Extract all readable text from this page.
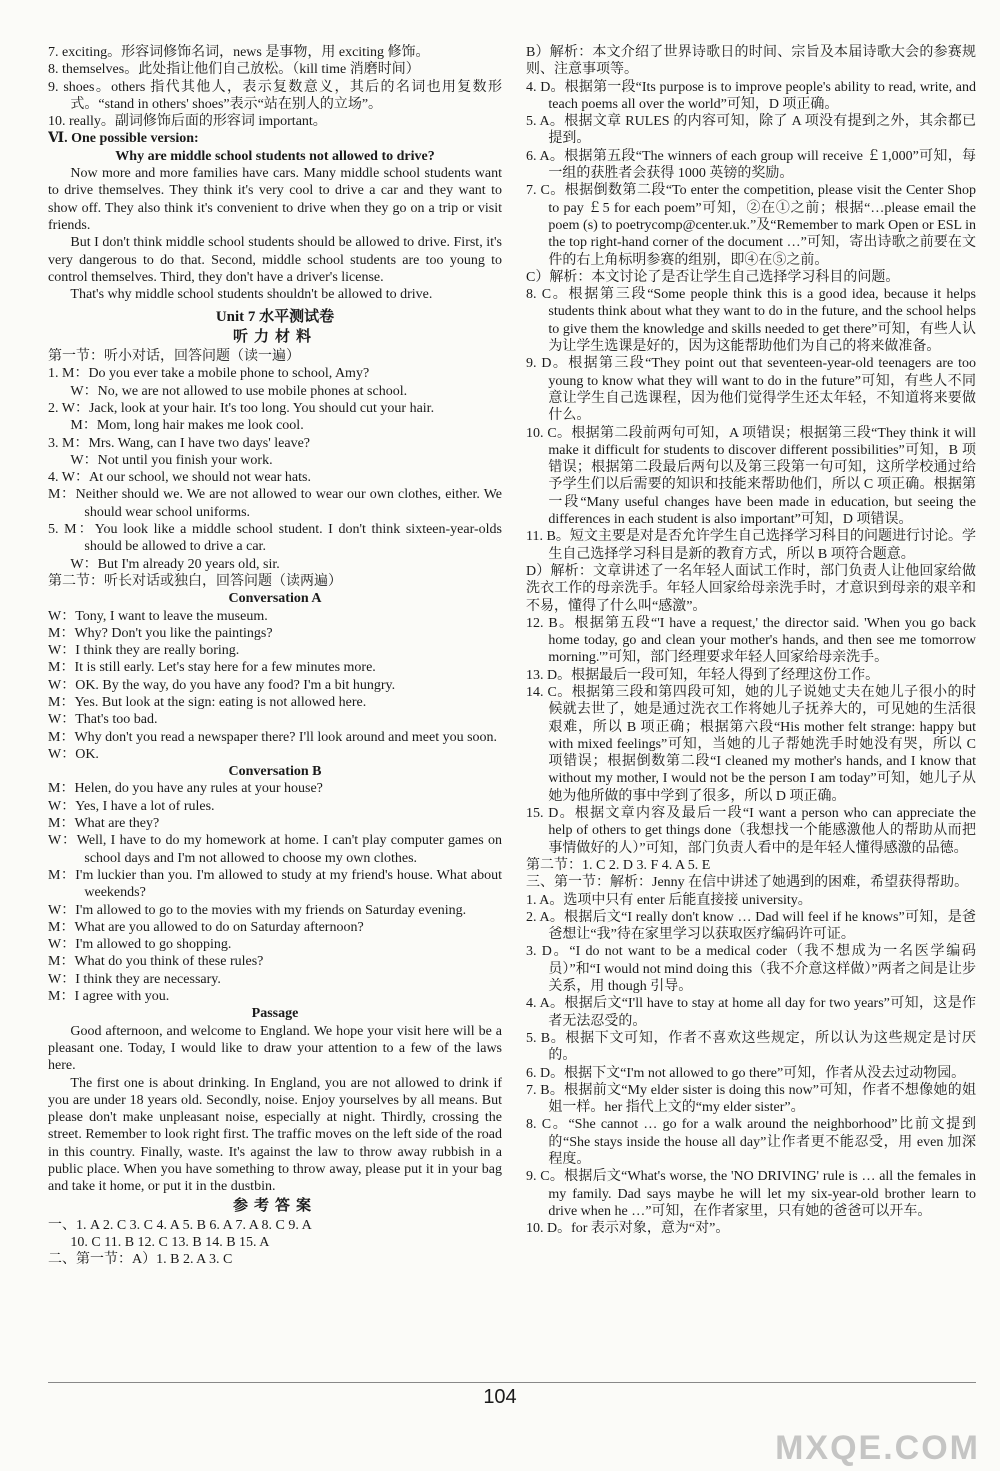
7. exciting。形容词修饰名词，news 是事物，用 exciting 修饰。

8. themselves。此处指让他们自己放松。（kill time 消磨时间）

9. shoes。others 指代其他人，表示复数意义，其后的名词也用复数形式。“stand in others' shoes”表示“站在别人的立场”。

10. really。副词修饰后面的形容词 important。

Ⅵ. One possible version:

Why are middle school students not allowed to drive?

Now more and more families have cars. Many middle school students want to drive themselves. They think it's very cool to drive a car and they want to show off. They also think it's convenient to drive when they go on a trip or visit friends.

But I don't think middle school students should be allowed to drive. First, it's very dangerous to do that. Second, middle school students are too young to control themselves. Third, they don't have a driver's license.

That's why middle school students shouldn't be allowed to drive.

Unit 7 水平测试卷

听力材料

第一节：听小对话，回答问题（读一遍）

1. M：Do you ever take a mobile phone to school, Amy?

W：No, we are not allowed to use mobile phones at school.

2. W：Jack, look at your hair. It's too long. You should cut your hair.

M：Mom, long hair makes me look cool.

3. M：Mrs. Wang, can I have two days' leave?

W：Not until you finish your work.

4. W：At our school, we should not wear hats.

M：Neither should we. We are not allowed to wear our own clothes, either. We should wear school uniforms.

5. M：You look like a middle school student. I don't think sixteen-year-olds should be allowed to drive a car.

W：But I'm already 20 years old, sir.

第二节：听长对话或独白，回答问题（读两遍）

Conversation A

W：Tony, I want to leave the museum.

M：Why? Don't you like the paintings?

W：I think they are really boring.

M：It is still early. Let's stay here for a few minutes more.

W：OK. By the way, do you have any food? I'm a bit hungry.

M：Yes. But look at the sign: eating is not allowed here.

W：That's too bad.

M：Why don't you read a newspaper there? I'll look around and meet you soon.

W：OK.

Conversation B

M：Helen, do you have any rules at your house?

W：Yes, I have a lot of rules.

M：What are they?

W：Well, I have to do my homework at home. I can't play computer games on school days and I'm not allowed to choose my own clothes.

M：I'm luckier than you. I'm allowed to study at my friend's house. What about weekends?

W：I'm allowed to go to the movies with my friends on Saturday evening.

M：What are you allowed to do on Saturday afternoon?

W：I'm allowed to go shopping.

M：What do you think of these rules?

W：I think they are necessary.

M：I agree with you.

Passage

Good afternoon, and welcome to England. We hope your visit here will be a pleasant one. Today, I would like to draw your attention to a few of the laws here.

The first one is about drinking. In England, you are not allowed to drink if you are under 18 years old. Secondly, noise. Enjoy yourselves by all means. But please don't make unpleasant noise, especially at night. Thirdly, crossing the street. Remember to look right first. The traffic moves on the left side of the road in this country. Finally, waste. It's against the law to throw away rubbish in a public place. When you have something to throw away, please put it in your bag and take it home, or put it in the dustbin.

参考答案

一、1. A 2. C 3. C 4. A 5. B 6. A 7. A 8. C 9. A

10. C 11. B 12. C 13. B 14. B 15. A

二、第一节：A）1. B 2. A 3. C

B）解析：本文介绍了世界诗歌日的时间、宗旨及本届诗歌大会的参赛规则、注意事项等。

4. D。根据第一段“Its purpose is to improve people's ability to read, write, and teach poems all over the world”可知，D 项正确。

5. A。根据文章 RULES 的内容可知，除了 A 项没有提到之外，其余都已提到。

6. A。根据第五段“The winners of each group will receive ￡1,000”可知，每一组的获胜者会获得 1000 英镑的奖励。

7. C。根据倒数第二段“To enter the competition, please visit the Center Shop to pay ￡5 for each poem”可知，②在①之前；根据“…please email the poem (s) to poetrycomp@center.uk.”及“Remember to mark Open or ESL in the top right-hand corner of the document …”可知，寄出诗歌之前要在文件的右上角标明参赛的组别，即④在⑤之前。

C）解析：本文讨论了是否让学生自己选择学习科目的问题。

8. C。根据第三段“Some people think this is a good idea, because it helps students think about what they want to do in the future, and the school helps to give them the knowledge and skills needed to get there”可知，有些人认为让学生选课是好的，因为这能帮助他们为自己的将来做准备。

9. D。根据第三段“They point out that seventeen-year-old teenagers are too young to know what they will want to do in the future”可知，有些人不同意让学生自己选课程，因为他们觉得学生还太年轻，不知道将来要做什么。

10. C。根据第二段前两句可知，A 项错误；根据第三段“They think it will make it difficult for students to discover different possibilities”可知，B 项错误；根据第二段最后两句以及第三段第一句可知，这所学校通过给予学生们以后需要的知识和技能来帮助他们，所以 C 项正确。根据第一段“Many useful changes have been made in education, but seeing the differences in each student is also important”可知，D 项错误。

11. B。短文主要是对是否允许学生自己选择学习科目的问题进行讨论。学生自己选择学习科目是新的教育方式，所以 B 项符合题意。

D）解析：文章讲述了一名年轻人面试工作时，部门负责人让他回家给做洗衣工作的母亲洗手。年轻人回家给母亲洗手时，才意识到母亲的艰辛和不易，懂得了什么叫“感激”。

12. B。根据第五段“'I have a request,' the director said. 'When you go back home today, go and clean your mother's hands, and then see me tomorrow morning.'”可知，部门经理要求年轻人回家给母亲洗手。

13. D。根据最后一段可知，年轻人得到了经理这份工作。

14. C。根据第三段和第四段可知，她的儿子说她丈夫在她儿子很小的时候就去世了，她是通过洗衣工作将她儿子抚养大的，可见她的生活很艰难，所以 B 项正确；根据第六段“His mother felt strange: happy but with mixed feelings”可知，当她的儿子帮她洗手时她没有哭，所以 C 项错误；根据倒数第二段“I cleaned my mother's hands, and I know that without my mother, I would not be the person I am today”可知，她儿子从她为他所做的事中学到了很多，所以 D 项正确。

15. D。根据文章内容及最后一段“I want a person who can appreciate the help of others to get things done（我想找一个能感激他人的帮助从而把事情做好的人）”可知，部门负责人看中的是年轻人懂得感激的品德。

第二节：1. C 2. D 3. F 4. A 5. E

三、第一节：解析：Jenny 在信中讲述了她遇到的困难，希望获得帮助。

1. A。选项中只有 enter 后能直接接 university。

2. A。根据后文“I really don't know … Dad will feel if he knows”可知，是爸爸想让“我”待在家里学习以获取医疗编码许可证。

3. D。“I do not want to be a medical coder（我不想成为一名医学编码员）”和“I would not mind doing this（我不介意这样做）”两者之间是让步关系，用 though 引导。

4. A。根据后文“I'll have to stay at home all day for two years”可知，这是作者无法忍受的。

5. B。根据下文可知，作者不喜欢这些规定，所以认为这些规定是讨厌的。

6. D。根据下文“I'm not allowed to go there”可知，作者从没去过动物园。

7. B。根据前文“My elder sister is doing this now”可知，作者不想像她的姐姐一样。her 指代上文的“my elder sister”。

8. C。“She cannot … go for a walk around the neighborhood”比前文提到的“She stays inside the house all day”让作者更不能忍受，用 even 加深程度。

9. C。根据后文“What's worse, the 'NO DRIVING' rule is … all the females in my family. Dad says maybe he will let my six-year-old brother learn to drive when he …”可知，在作者家里，只有她的爸爸可以开车。

10. D。for 表示对象，意为“对”。

104
MXQE.COM
